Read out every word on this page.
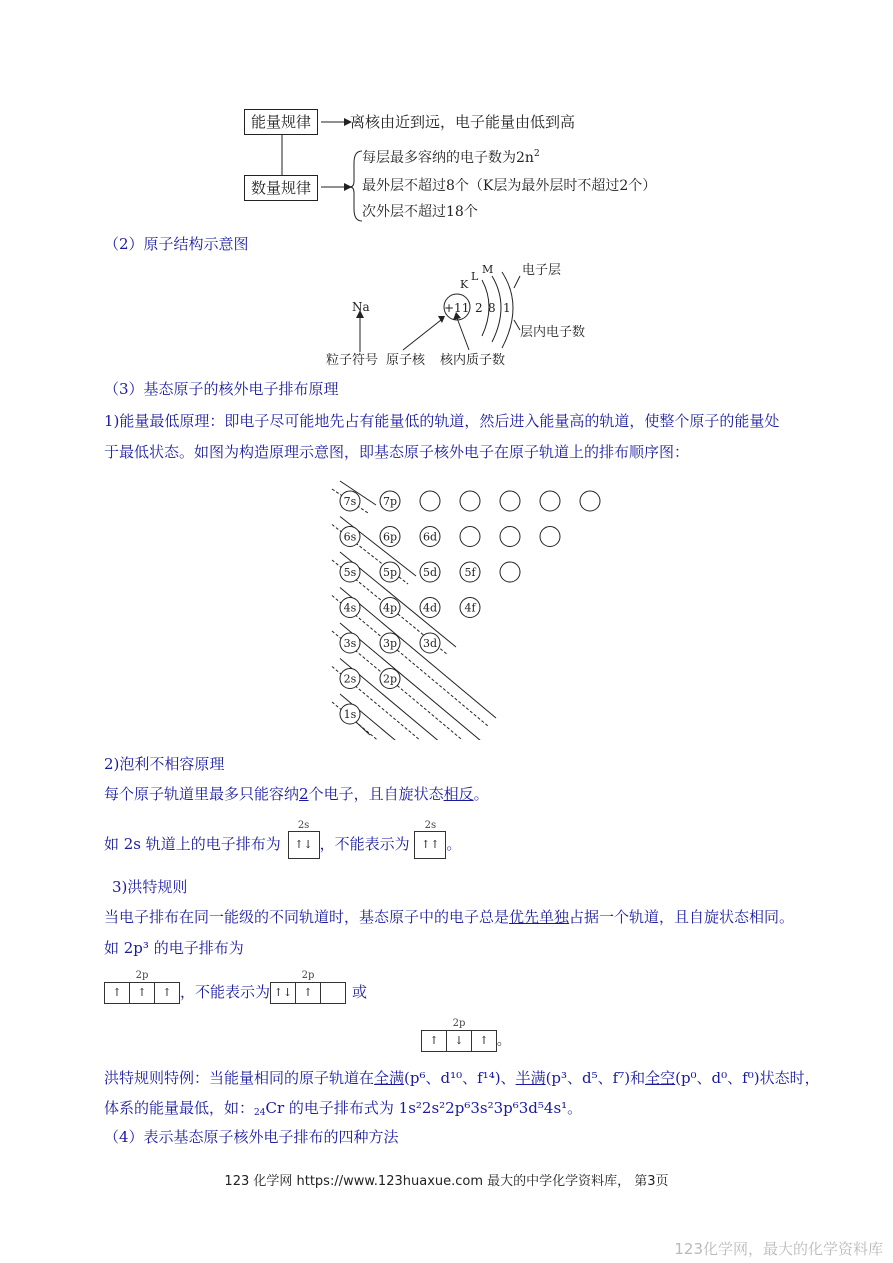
能量规律	离核由近到远，电子能量由低到高
数量规律
每层最多容纳的电子数为$2n^2$
最外层不超过8个（K层为最外层时不超过2个）
次外层不超过18个
（2）原子结构示意图
Na	+11 2 8 1
K
L
M 电子层
层内电子数
粒子符号 原子核 核内质子数
（3）基态原子的核外电子排布原理
1)能量最低原理：即电子尽可能地先占有能量低的轨道，然后进入能量高的轨道，使整个原子的能量处
于最低状态。如图为构造原理示意图，即基态原子核外电子在原子轨道上的排布顺序图：
7s 7p
6s 6p 6d
5s 5p 5d 5f
4s 4p 4d 4f
3s 3p 3d
2s 2p
1s
2)泡利不相容原理
每个原子轨道里最多只能容纳2个电子，且自旋状态相反。
如 2s 轨道上的电子排布为
2s
↑↓ ，不能表示为
2s
↑↑ 。
3)洪特规则
当电子排布在同一能级的不同轨道时，基态原子中的电子总是优先单独占据一个轨道，且自旋状态相同。
如 2p³ 的电子排布为
2p
↑ ↑ ↑ ，不能表示为
2p
↑↓ ↑	或
2p
↑ ↓ ↑ 。
洪特规则特例：当能量相同的原子轨道在全满(p⁶、d¹⁰、f¹⁴)、半满(p³、d⁵、f⁷)和全空(p⁰、d⁰、f⁰)状态时，
体系的能量最低，如：$_{24}$Cr 的电子排布式为 1s²2s²2p⁶3s²3p⁶3d⁵4s¹。
（4）表示基态原子核外电子排布的四种方法
123 化学网 https://www.123huaxue.com 最大的中学化学资料库， 第3页
123化学网，最大的化学资料库
